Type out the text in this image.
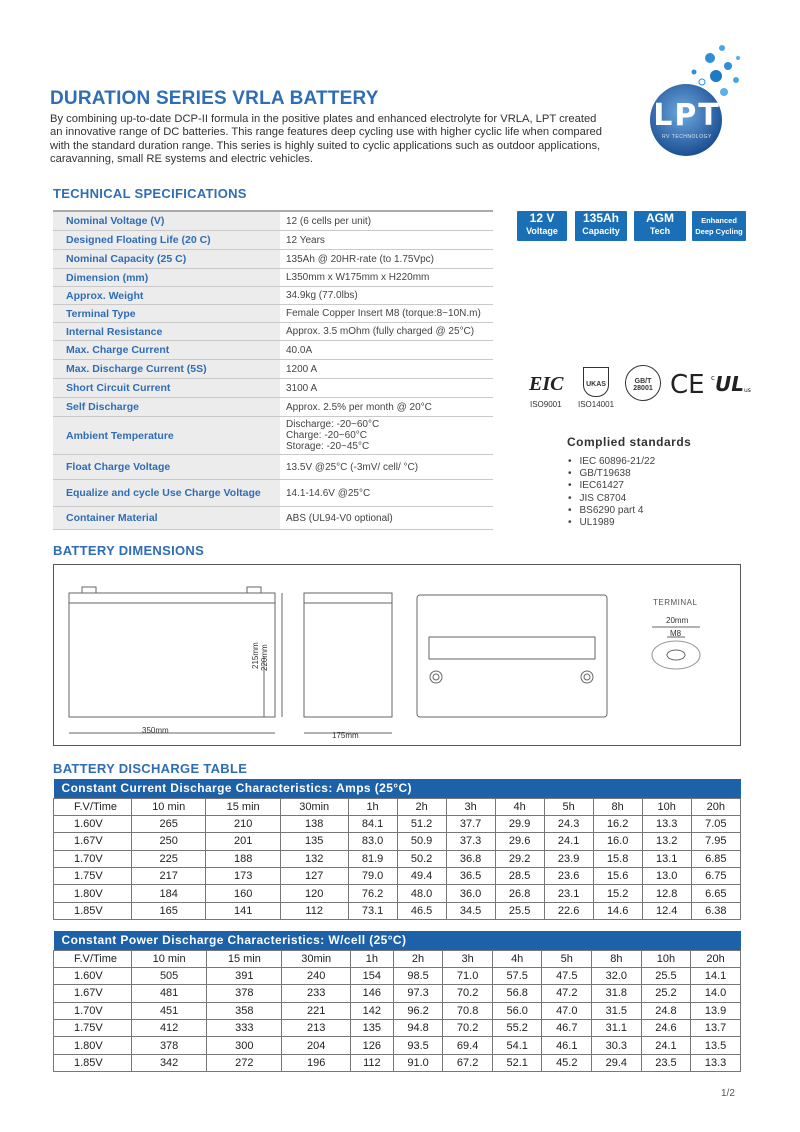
LPT
RV TECHNOLOGY
DURATION SERIES VRLA BATTERY
By combining up-to-date DCP-II formula in the positive plates and enhanced electrolyte for VRLA, LPT created an innovative range of DC batteries. This range features deep cycling use with higher cyclic life when compared with the standard duration range. This series is highly suited to cyclic applications such as outdoor applications, caravanning, small RE systems and electric vehicles.
TECHNICAL SPECIFICATIONS
Nominal Voltage (V)	12 (6 cells per unit)
Designed Floating Life (20 C)	12 Years
Nominal Capacity (25 C)	135Ah @ 20HR-rate (to 1.75Vpc)
Dimension (mm)	L350mm x W175mm x H220mm
Approx. Weight	34.9kg (77.0lbs)
Terminal Type	Female Copper Insert M8 (torque:8~10N.m)
Internal Resistance	Approx. 3.5 mOhm (fully charged @ 25°C)
Max. Charge Current	40.0A
Max. Discharge Current (5S)	1200 A
Short Circuit Current	3100 A
Self Discharge	Approx. 2.5% per month @ 20°C
Ambient Temperature
Discharge: -20~60°C
Charge: -20~60°C
Storage: -20~45°C
Float Charge Voltage	13.5V @25°C (-3mV/ cell/ °C)
Equalize and cycle Use Charge Voltage	14.1-14.6V @25°C
Container Material	ABS (UL94-V0 optional)
12 V
Voltage
135Ah
Capacity
AGM
Tech
Enhanced
Deep Cycling
EIC
ISO9001
UKAS
ISO14001
GB/T 28001 CE UL
c
us
Complied standards
• IEC 60896-21/22
• GB/T19638
• IEC61427
• JIS C8704
• BS6290 part 4
• UL1989
BATTERY DIMENSIONS
350mm
175mm
215mm 220mm
TERMINAL
20mm
M8
BATTERY DISCHARGE TABLE
Constant Current Discharge Characteristics: Amps (25°C)											
F.V/Time	10 min	15 min	30min	1h	2h	3h	4h	5h	8h	10h	20h
1.60V	265	210	138	84.1	51.2	37.7	29.9	24.3	16.2	13.3	7.05
1.67V	250	201	135	83.0	50.9	37.3	29.6	24.1	16.0	13.2	7.95
1.70V	225	188	132	81.9	50.2	36.8	29.2	23.9	15.8	13.1	6.85
1.75V	217	173	127	79.0	49.4	36.5	28.5	23.6	15.6	13.0	6.75
1.80V	184	160	120	76.2	48.0	36.0	26.8	23.1	15.2	12.8	6.65
1.85V	165	141	112	73.1	46.5	34.5	25.5	22.6	14.6	12.4	6.38
Constant Power Discharge Characteristics: W/cell (25°C)											
F.V/Time	10 min	15 min	30min	1h	2h	3h	4h	5h	8h	10h	20h
1.60V	505	391	240	154	98.5	71.0	57.5	47.5	32.0	25.5	14.1
1.67V	481	378	233	146	97.3	70.2	56.8	47.2	31.8	25.2	14.0
1.70V	451	358	221	142	96.2	70.8	56.0	47.0	31.5	24.8	13.9
1.75V	412	333	213	135	94.8	70.2	55.2	46.7	31.1	24.6	13.7
1.80V	378	300	204	126	93.5	69.4	54.1	46.1	30.3	24.1	13.5
1.85V	342	272	196	112	91.0	67.2	52.1	45.2	29.4	23.5	13.3
1/2
